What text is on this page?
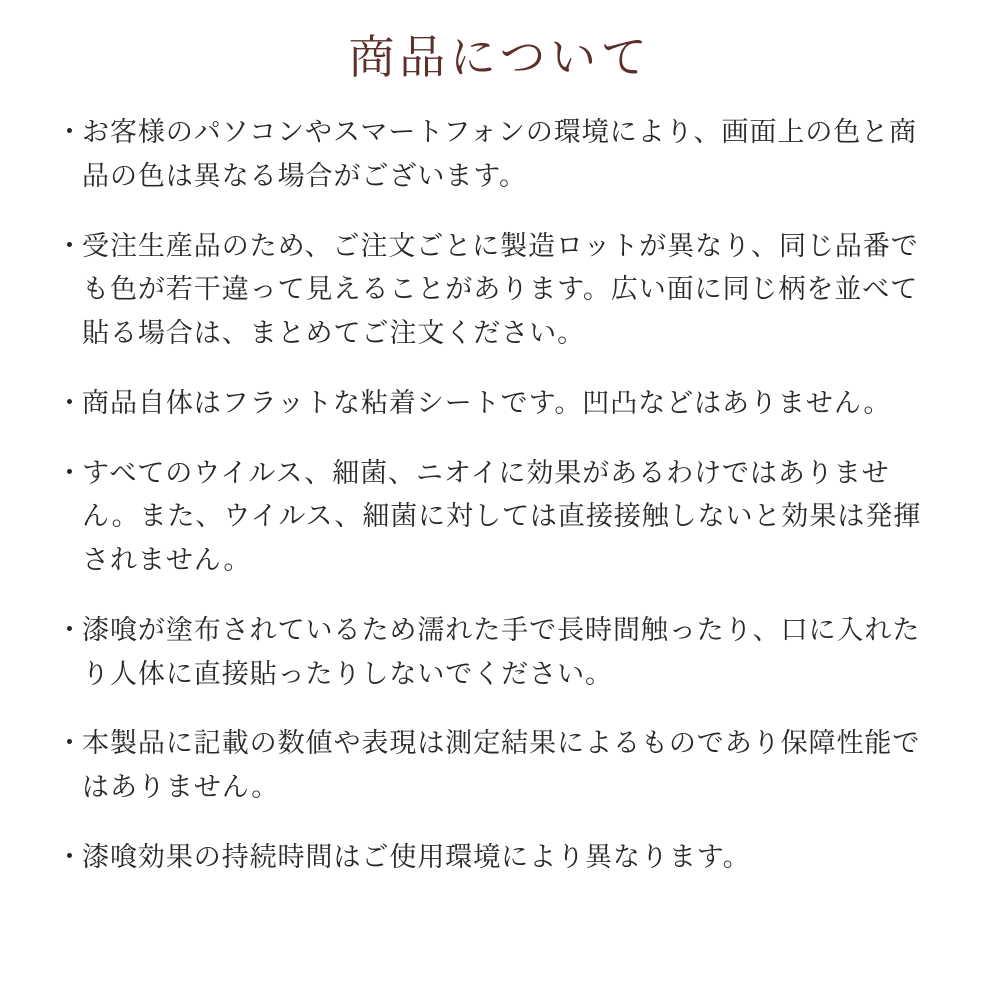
商品について
・ お客様のパソコンやスマートフォンの環境により、画面上の色と商品の色は異なる場合がございます。
・ 受注生産品のため、ご注文ごとに製造ロットが異なり、同じ品番でも色が若干違って見えることがあります。広い面に同じ柄を並べて貼る場合は、まとめてご注文ください。
・ 商品自体はフラットな粘着シートです。凹凸などはありません。
・ すべてのウイルス、細菌、ニオイに効果があるわけではありません。また、ウイルス、細菌に対しては直接接触しないと効果は発揮されません。
・ 漆喰が塗布されているため濡れた手で長時間触ったり、口に入れたり人体に直接貼ったりしないでください。
・ 本製品に記載の数値や表現は測定結果によるものであり保障性能ではありません。
・ 漆喰効果の持続時間はご使用環境により異なります。
